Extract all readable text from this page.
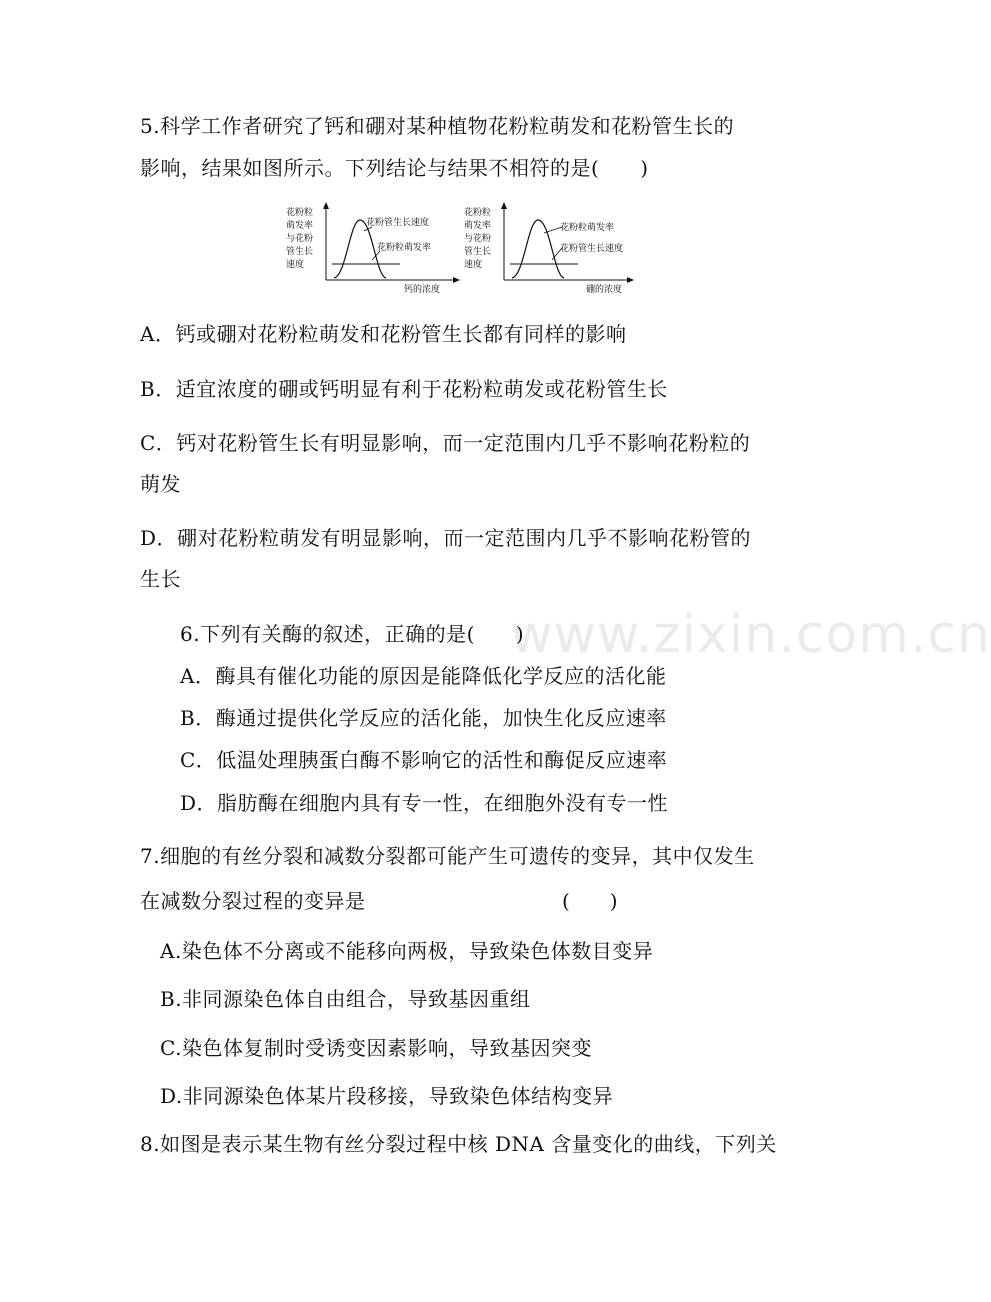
5.科学工作者研究了钙和硼对某种植物花粉粒萌发和花粉管生长的
影响，结果如图所示。下列结论与结果不相符的是(　　)
花粉粒
萌发率
与花粉
管生长
速度
花粉管生长速度
花粉粒萌发率
钙的浓度
花粉粒
萌发率
与花粉
管生长
速度
花粉粒萌发率
花粉管生长速度
硼的浓度
A．钙或硼对花粉粒萌发和花粉管生长都有同样的影响
B．适宜浓度的硼或钙明显有利于花粉粒萌发或花粉管生长
C．钙对花粉管生长有明显影响，而一定范围内几乎不影响花粉粒的
萌发
D．硼对花粉粒萌发有明显影响，而一定范围内几乎不影响花粉管的
生长
www.zixin.com.cn
6.下列有关酶的叙述，正确的是(　　)
A．酶具有催化功能的原因是能降低化学反应的活化能
B．酶通过提供化学反应的活化能，加快生化反应速率
C．低温处理胰蛋白酶不影响它的活性和酶促反应速率
D．脂肪酶在细胞内具有专一性，在细胞外没有专一性
7.细胞的有丝分裂和减数分裂都可能产生可遗传的变异，其中仅发生
在减数分裂过程的变异是	(　　)
A.染色体不分离或不能移向两极，导致染色体数目变异
B.非同源染色体自由组合，导致基因重组
C.染色体复制时受诱变因素影响，导致基因突变
D.非同源染色体某片段移接，导致染色体结构变异
8.如图是表示某生物有丝分裂过程中核 DNA 含量变化的曲线，下列关
